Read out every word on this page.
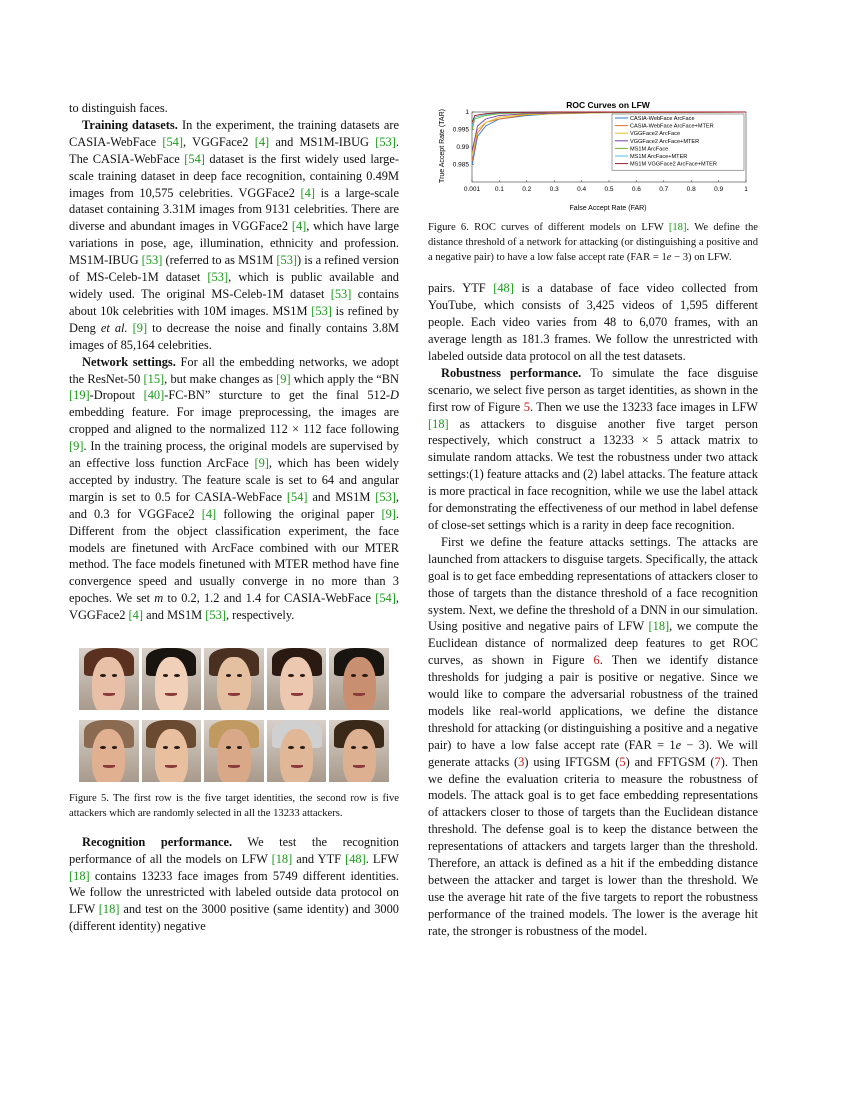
to distinguish faces.

Training datasets. In the experiment, the training datasets are CASIA-WebFace [54], VGGFace2 [4] and MS1M-IBUG [53]. The CASIA-WebFace [54] dataset is the first widely used large-scale training dataset in deep face recognition, containing 0.49M images from 10,575 celebrities. VGGFace2 [4] is a large-scale dataset containing 3.31M images from 9131 celebrities. There are diverse and abundant images in VGGFace2 [4], which have large variations in pose, age, illumination, ethnicity and profession. MS1M-IBUG [53] (referred to as MS1M [53]) is a refined version of MS-Celeb-1M dataset [53], which is public available and widely used. The original MS-Celeb-1M dataset [53] contains about 10k celebrities with 10M images. MS1M [53] is refined by Deng et al. [9] to decrease the noise and finally contains 3.8M images of 85,164 celebrities.

Network settings. For all the embedding networks, we adopt the ResNet-50 [15], but make changes as [9] which apply the “BN [19]-Dropout [40]-FC-BN” sturcture to get the final 512-D embedding feature. For image preprocessing, the images are cropped and aligned to the normalized 112 × 112 face following [9]. In the training process, the original models are supervised by an effective loss function ArcFace [9], which has been widely accepted by industry. The feature scale is set to 64 and angular margin is set to 0.5 for CASIA-WebFace [54] and MS1M [53], and 0.3 for VGGFace2 [4] following the original paper [9]. Different from the object classification experiment, the face models are finetuned with ArcFace combined with our MTER method. The face models finetuned with MTER method have fine convergence speed and usually converge in no more than 3 epoches. We set m to 0.2, 1.2 and 1.4 for CASIA-WebFace [54], VGGFace2 [4] and MS1M [53], respectively.

Figure 5. The first row is the five target identities, the second row is five attackers which are randomly selected in all the 13233 attackers.

Recognition performance. We test the recognition performance of all the models on LFW [18] and YTF [48]. LFW [18] contains 13233 face images from 5749 different identities. We follow the unrestricted with labeled outside data protocol on LFW [18] and test on the 3000 positive (same identity) and 3000 (different identity) negative

ROC Curves on LFW
True Accept Rate (TAR)
False Accept Rate (FAR)
0.001 0.1	0.2	0.3	0.4	0.5	0.6	0.7	0.8	0.9	1
1
0.995
0.99
0.985
CASIA-WebFace ArcFace
CASIA-WebFace ArcFace+MTER
VGGFace2 ArcFace
VGGFace2 ArcFace+MTER
MS1M ArcFace
MS1M ArcFace+MTER
MS1M VGGFace2 ArcFace+MTER
Figure 6. ROC curves of different models on LFW [18]. We define the distance threshold of a network for attacking (or distinguishing a positive and a negative pair) to have a low false accept rate (FAR = 1e − 3) on LFW.

pairs. YTF [48] is a database of face video collected from YouTube, which consists of 3,425 videos of 1,595 different people. Each video varies from 48 to 6,070 frames, with an average length as 181.3 frames. We follow the unrestricted with labeled outside data protocol on all the test datasets.

Robustness performance. To simulate the face disguise scenario, we select five person as target identities, as shown in the first row of Figure 5. Then we use the 13233 face images in LFW [18] as attackers to disguise another five target person respectively, which construct a 13233 × 5 attack matrix to simulate random attacks. We test the robustness under two attack settings:(1) feature attacks and (2) label attacks. The feature attack is more practical in face recognition, while we use the label attack for demonstrating the effectiveness of our method in label defense of close-set settings which is a rarity in deep face recognition.

First we define the feature attacks settings. The attacks are launched from attackers to disguise targets. Specifically, the attack goal is to get face embedding representations of attackers closer to those of targets than the distance threshold of a face recognition system. Next, we define the threshold of a DNN in our simulation. Using positive and negative pairs of LFW [18], we compute the Euclidean distance of normalized deep features to get ROC curves, as shown in Figure 6. Then we identify distance thresholds for judging a pair is positive or negative. Since we would like to compare the adversarial robustness of the trained models like real-world applications, we define the distance threshold for attacking (or distinguishing a positive and a negative pair) to have a low false accept rate (FAR = 1e − 3). We will generate attacks (3) using IFTGSM (5) and FFTGSM (7). Then we define the evaluation criteria to measure the robustness of models. The attack goal is to get face embedding representations of attackers closer to those of targets than the Euclidean distance threshold. The defense goal is to keep the distance between the representations of attackers and targets larger than the threshold. Therefore, an attack is defined as a hit if the embedding distance between the attacker and target is lower than the threshold. We use the average hit rate of the five targets to report the robustness performance of the trained models. The lower is the average hit rate, the stronger is robustness of the model.
